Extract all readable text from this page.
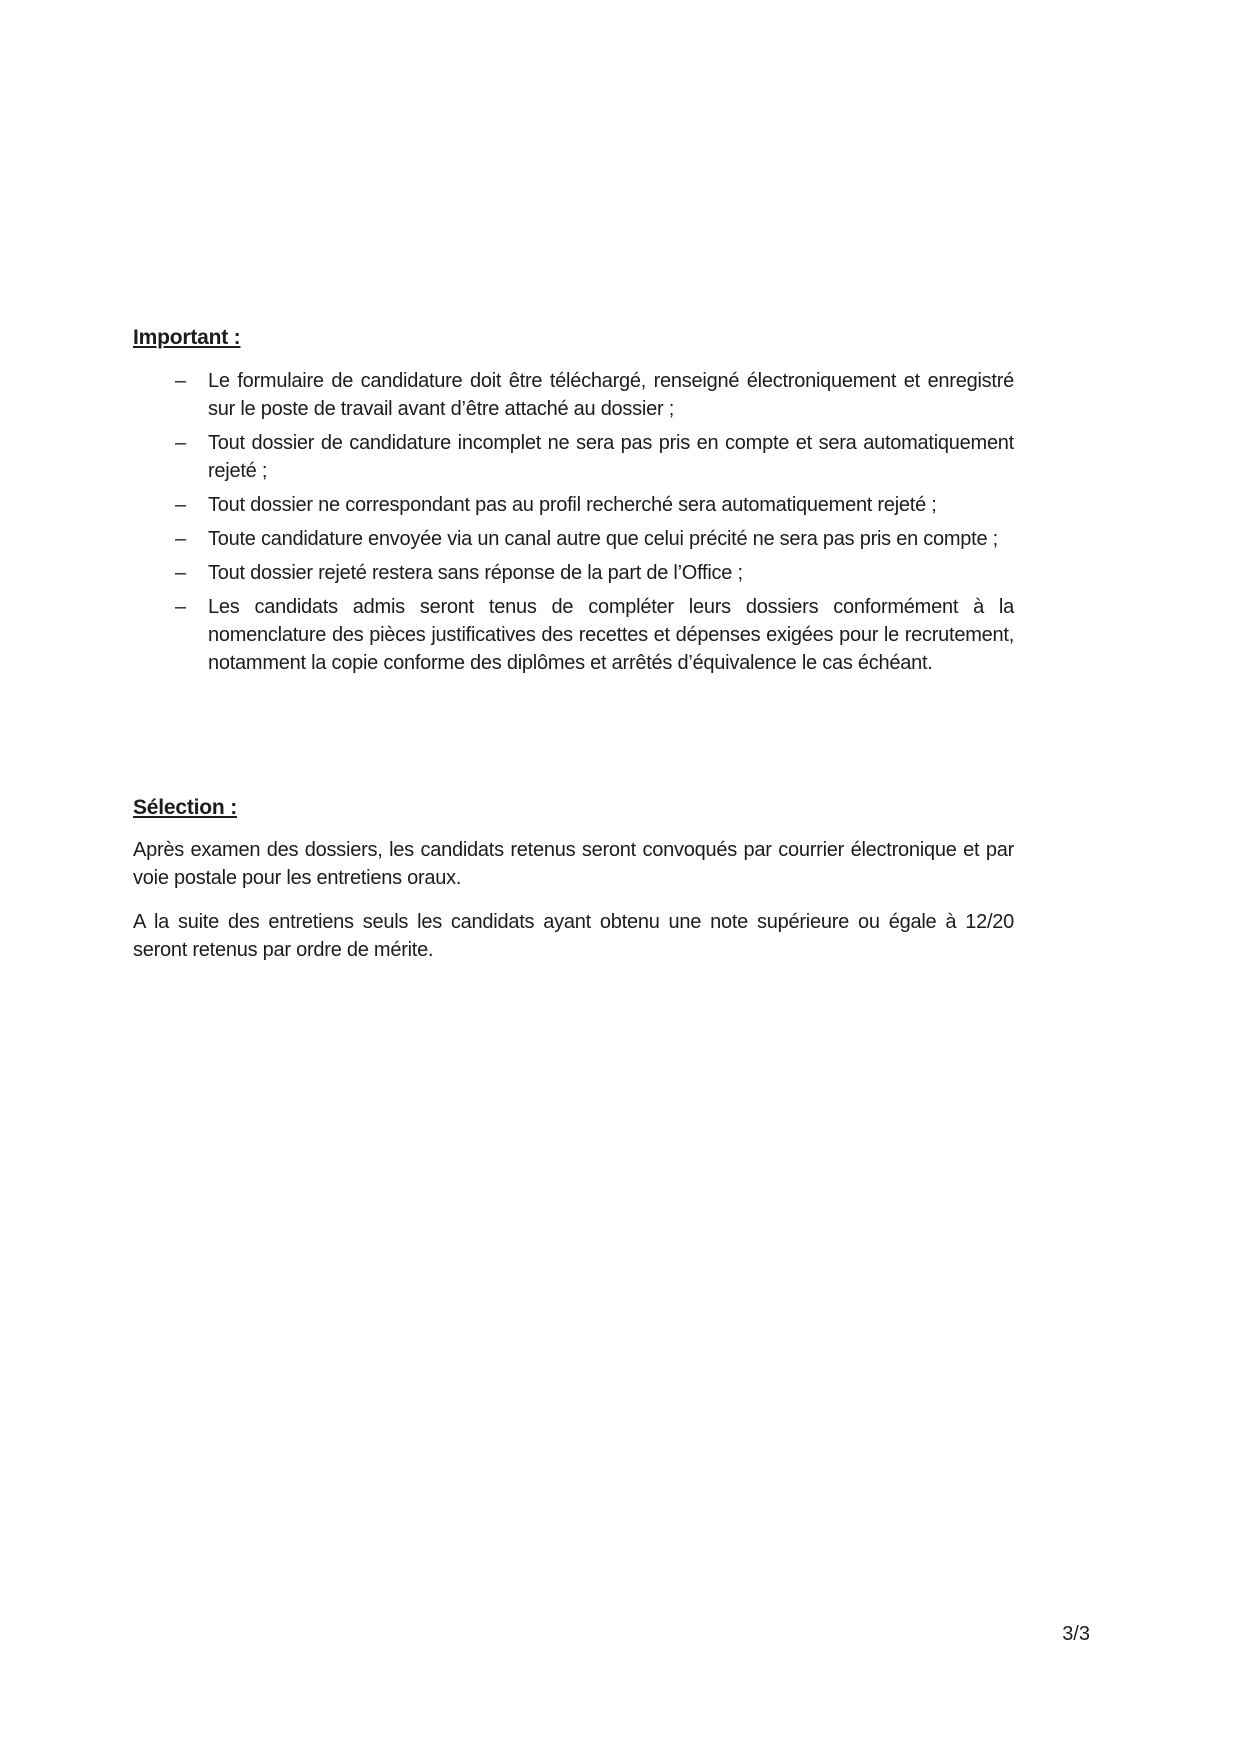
Important :
– Le formulaire de candidature doit être téléchargé, renseigné électroniquement et enregistré sur le poste de travail avant d’être attaché au dossier ;
– Tout dossier de candidature incomplet ne sera pas pris en compte et sera automatiquement rejeté ;
– Tout dossier ne correspondant pas au profil recherché sera automatiquement rejeté ;
– Toute candidature envoyée via un canal autre que celui précité ne sera pas pris en compte ;
– Tout dossier rejeté restera sans réponse de la part de l’Office ;
– Les candidats admis seront tenus de compléter leurs dossiers conformément à la nomenclature des pièces justificatives des recettes et dépenses exigées pour le recrutement, notamment la copie conforme des diplômes et arrêtés d’équivalence le cas échéant.
Sélection :

Après examen des dossiers, les candidats retenus seront convoqués par courrier électronique et par voie postale pour les entretiens oraux.

A la suite des entretiens seuls les candidats ayant obtenu une note supérieure ou égale à 12/20 seront retenus par ordre de mérite.

3/3
